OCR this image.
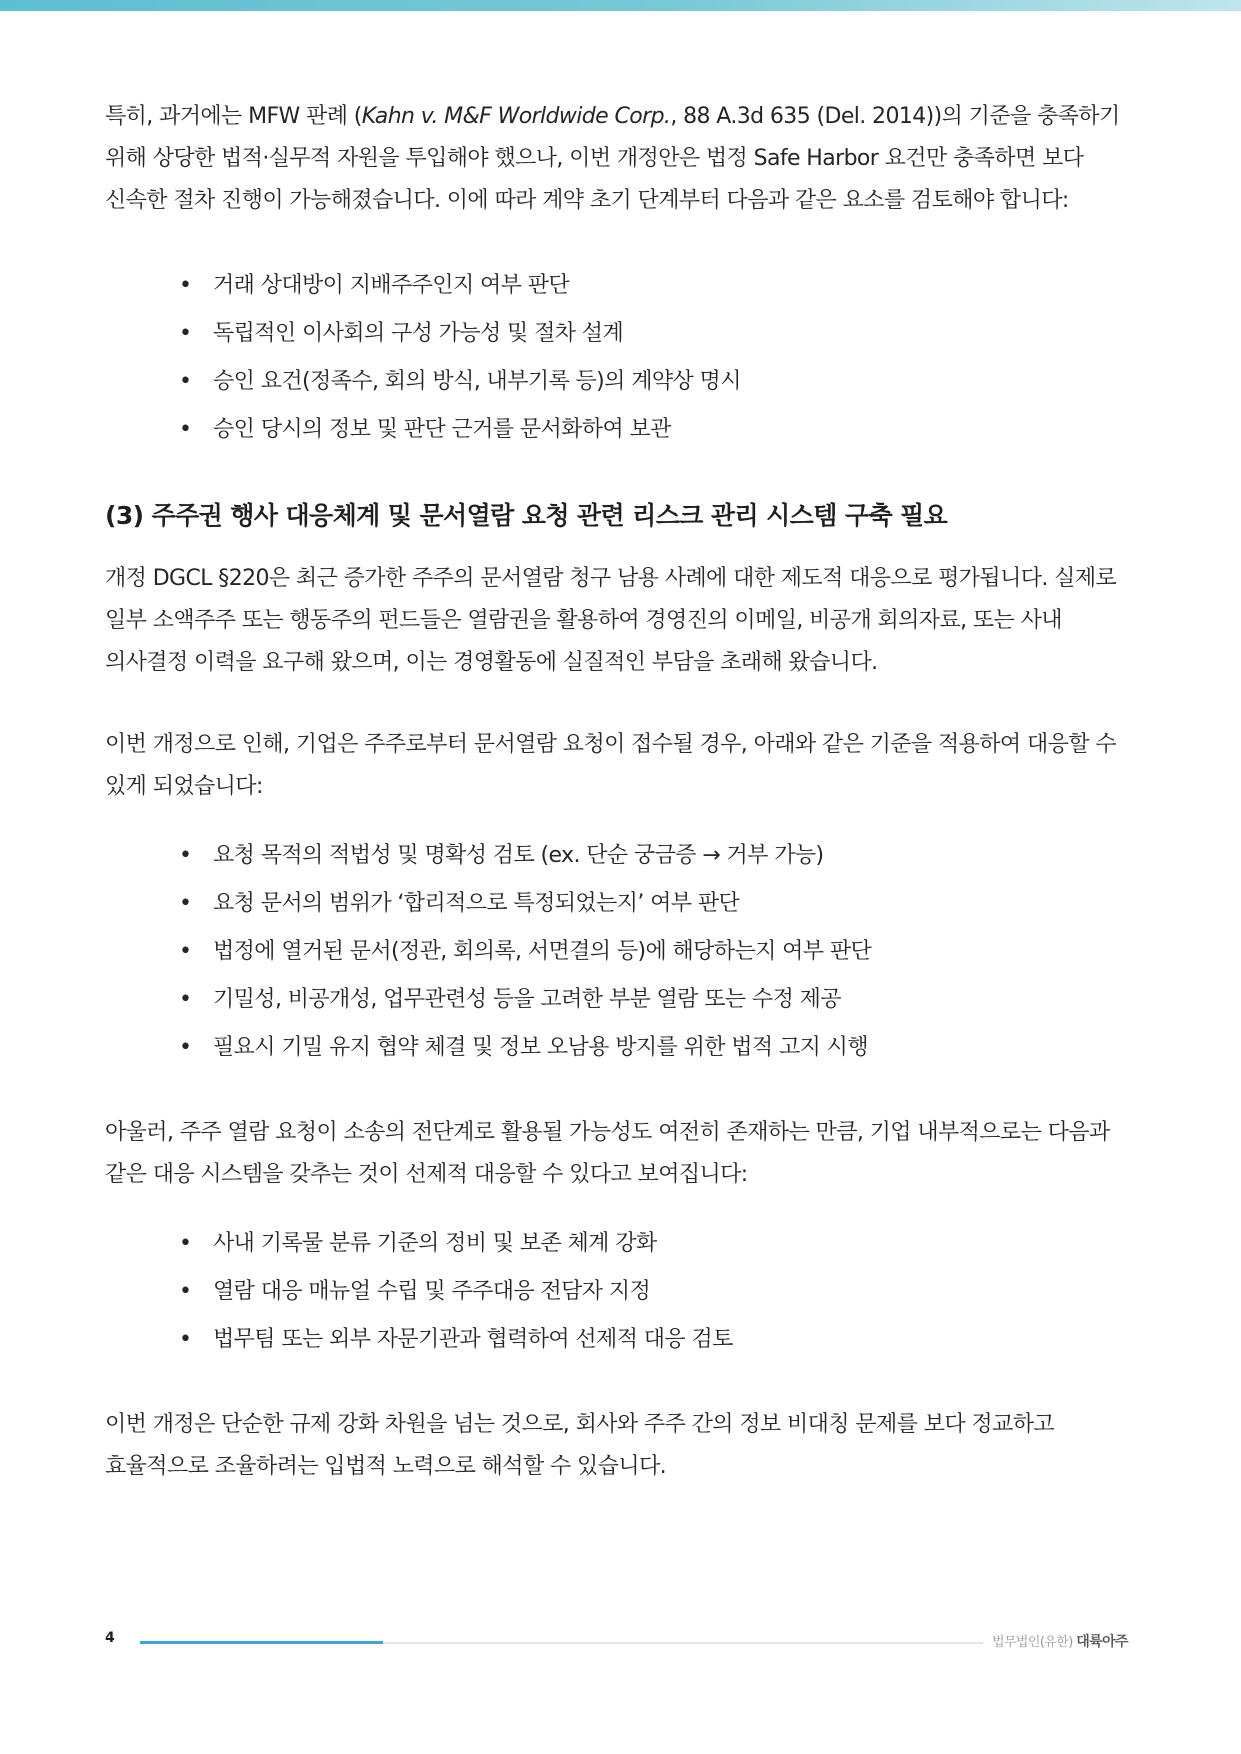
특히, 과거에는 MFW 판례 (Kahn v. M&F Worldwide Corp., 88 A.3d 635 (Del. 2014))의 기준을 충족하기 위해 상당한 법적·실무적 자원을 투입해야 했으나, 이번 개정안은 법정 Safe Harbor 요건만 충족하면 보다 신속한 절차 진행이 가능해졌습니다. 이에 따라 계약 초기 단계부터 다음과 같은 요소를 검토해야 합니다:

• 거래 상대방이 지배주주인지 여부 판단
• 독립적인 이사회의 구성 가능성 및 절차 설계
• 승인 요건(정족수, 회의 방식, 내부기록 등)의 계약상 명시
• 승인 당시의 정보 및 판단 근거를 문서화하여 보관
(3) 주주권 행사 대응체계 및 문서열람 요청 관련 리스크 관리 시스템 구축 필요

개정 DGCL §220은 최근 증가한 주주의 문서열람 청구 남용 사례에 대한 제도적 대응으로 평가됩니다. 실제로 일부 소액주주 또는 행동주의 펀드들은 열람권을 활용하여 경영진의 이메일, 비공개 회의자료, 또는 사내 의사결정 이력을 요구해 왔으며, 이는 경영활동에 실질적인 부담을 초래해 왔습니다.

이번 개정으로 인해, 기업은 주주로부터 문서열람 요청이 접수될 경우, 아래와 같은 기준을 적용하여 대응할 수 있게 되었습니다:

• 요청 목적의 적법성 및 명확성 검토 (ex. 단순 궁금증 → 거부 가능)
• 요청 문서의 범위가 ‘합리적으로 특정되었는지’ 여부 판단
• 법정에 열거된 문서(정관, 회의록, 서면결의 등)에 해당하는지 여부 판단
• 기밀성, 비공개성, 업무관련성 등을 고려한 부분 열람 또는 수정 제공
• 필요시 기밀 유지 협약 체결 및 정보 오남용 방지를 위한 법적 고지 시행

아울러, 주주 열람 요청이 소송의 전단계로 활용될 가능성도 여전히 존재하는 만큼, 기업 내부적으로는 다음과 같은 대응 시스템을 갖추는 것이 선제적 대응할 수 있다고 보여집니다:

• 사내 기록물 분류 기준의 정비 및 보존 체계 강화
• 열람 대응 매뉴얼 수립 및 주주대응 전담자 지정
• 법무팀 또는 외부 자문기관과 협력하여 선제적 대응 검토

이번 개정은 단순한 규제 강화 차원을 넘는 것으로, 회사와 주주 간의 정보 비대칭 문제를 보다 정교하고 효율적으로 조율하려는 입법적 노력으로 해석할 수 있습니다.

4	법무법인(유한) 대륙아주
